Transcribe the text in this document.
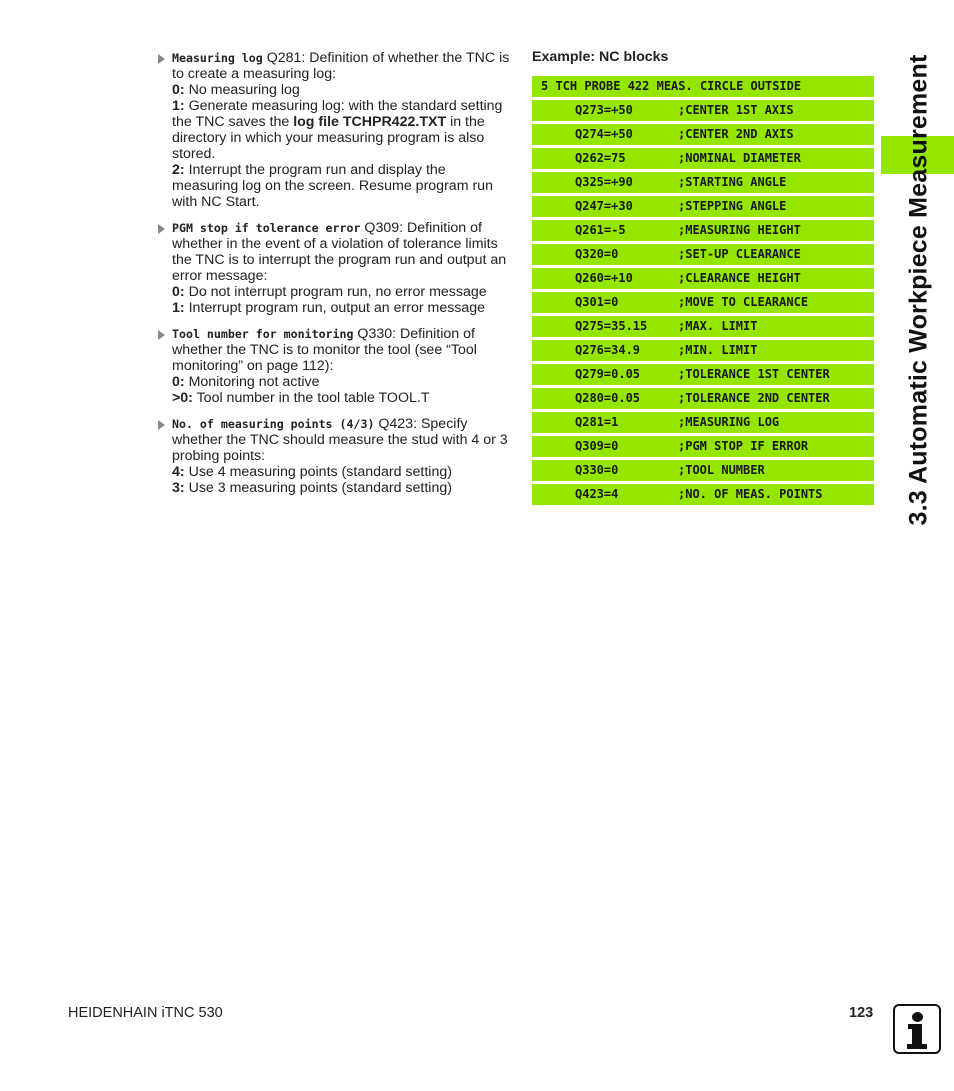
Measuring log Q281: Definition of whether the TNC is to create a measuring log:
0: No measuring log
1: Generate measuring log: with the standard setting the TNC saves the log file TCHPR422.TXT in the directory in which your measuring program is also stored.
2: Interrupt the program run and display the measuring log on the screen. Resume program run with NC Start.
PGM stop if tolerance error Q309: Definition of whether in the event of a violation of tolerance limits the TNC is to interrupt the program run and output an error message:
0: Do not interrupt program run, no error message
1: Interrupt program run, output an error message
Tool number for monitoring Q330: Definition of whether the TNC is to monitor the tool (see “Tool monitoring” on page 112):
0: Monitoring not active
>0: Tool number in the tool table TOOL.T
No. of measuring points (4/3) Q423: Specify whether the TNC should measure the stud with 4 or 3 probing points:
4: Use 4 measuring points (standard setting)
3: Use 3 measuring points (standard setting)
Example: NC blocks
5 TCH PROBE 422 MEAS. CIRCLE OUTSIDE
Q273=+50	;CENTER 1ST AXIS
Q274=+50	;CENTER 2ND AXIS
Q262=75	;NOMINAL DIAMETER
Q325=+90	;STARTING ANGLE
Q247=+30	;STEPPING ANGLE
Q261=-5	;MEASURING HEIGHT
Q320=0	;SET-UP CLEARANCE
Q260=+10	;CLEARANCE HEIGHT
Q301=0	;MOVE TO CLEARANCE
Q275=35.15	;MAX. LIMIT
Q276=34.9	;MIN. LIMIT
Q279=0.05	;TOLERANCE 1ST CENTER
Q280=0.05	;TOLERANCE 2ND CENTER
Q281=1	;MEASURING LOG
Q309=0	;PGM STOP IF ERROR
Q330=0	;TOOL NUMBER
Q423=4	;NO. OF MEAS. POINTS	3.3 Automatic Workpiece Measurement
HEIDENHAIN iTNC 530	123
